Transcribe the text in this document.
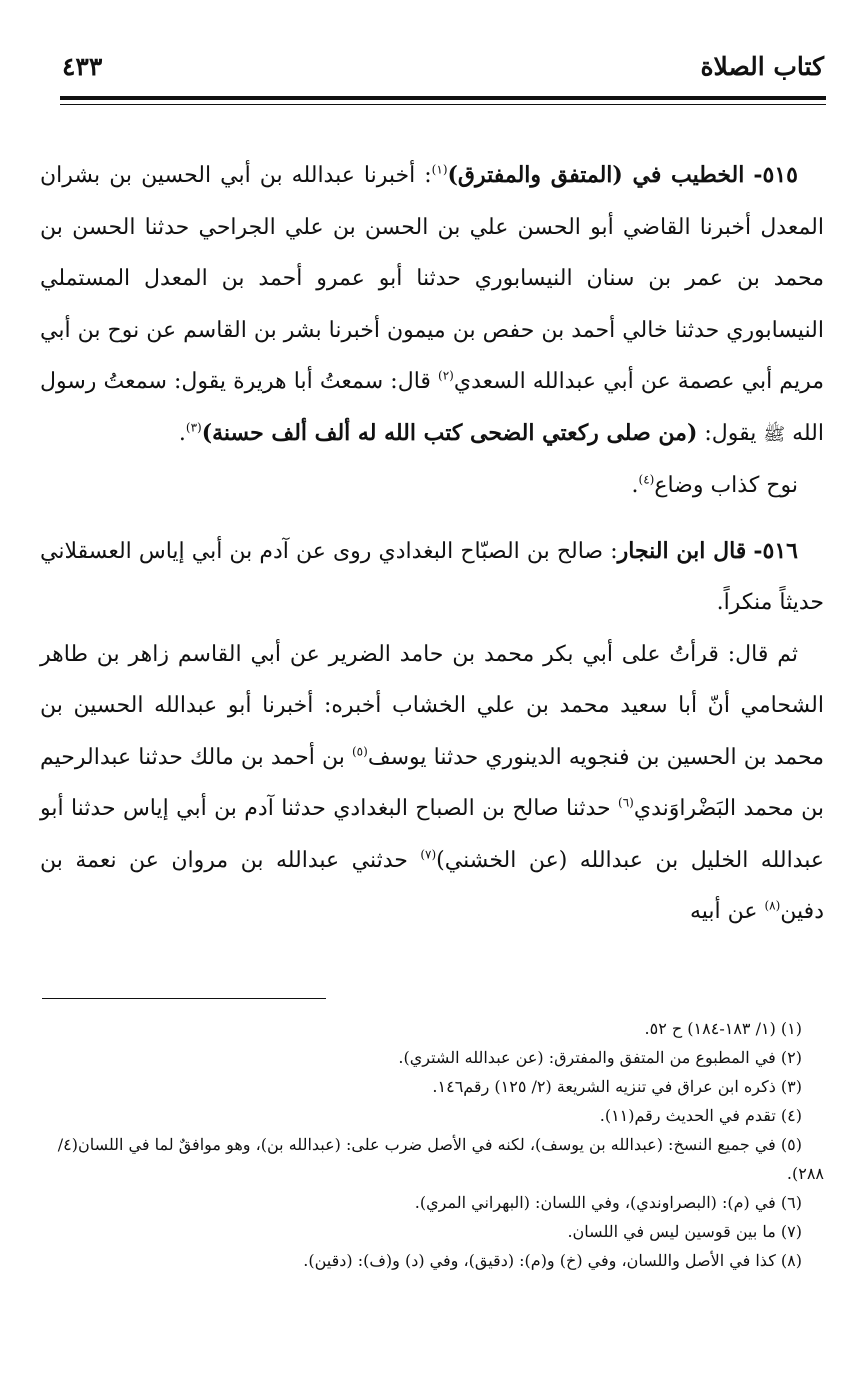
كتاب الصلاة
٤٣٣

٥١٥- الخطيب في (المتفق والمفترق)$^{(١)}$: أخبرنا عبدالله بن أبي الحسين بن بشران المعدل أخبرنا القاضي أبو الحسن علي بن الحسن بن علي الجراحي حدثنا الحسن بن محمد بن عمر بن سنان النيسابوري حدثنا أبو عمرو أحمد بن المعدل المستملي النيسابوري حدثنا خالي أحمد بن حفص بن ميمون أخبرنا بشر بن القاسم عن نوح بن أبي مريم أبي عصمة عن أبي عبدالله السعدي$^{(٢)}$ قال: سمعتُ أبا هريرة يقول: سمعتُ رسول الله ﷺ يقول: (من صلى ركعتي الضحى كتب الله له ألف ألف حسنة)$^{(٣)}$.

نوح كذاب وضاع$^{(٤)}$.

٥١٦- قال ابن النجار: صالح بن الصبّاح البغدادي روى عن آدم بن أبي إياس العسقلاني حديثاً منكراً.

ثم قال: قرأتُ على أبي بكر محمد بن حامد الضرير عن أبي القاسم زاهر بن طاهر الشحامي أنّ أبا سعيد محمد بن علي الخشاب أخبره: أخبرنا أبو عبدالله الحسين بن محمد بن الحسين بن فنجويه الدينوري حدثنا يوسف$^{(٥)}$ بن أحمد بن مالك حدثنا عبدالرحيم بن محمد البَضْراوَندي$^{(٦)}$ حدثنا صالح بن الصباح البغدادي حدثنا آدم بن أبي إياس حدثنا أبو عبدالله الخليل بن عبدالله (عن الخشني)$^{(٧)}$ حدثني عبدالله بن مروان عن نعمة بن دفين$^{(٨)}$ عن أبيه

(١) (١/ ١٨٣-١٨٤) ح ٥٢.

(٢) في المطبوع من المتفق والمفترق: (عن عبدالله الشتري).

(٣) ذكره ابن عراق في تنزيه الشريعة (٢/ ١٢٥) رقم١٤٦.

(٤) تقدم في الحديث رقم(١١).

(٥) في جميع النسخ: (عبدالله بن يوسف)، لكنه في الأصل ضرب على: (عبدالله بن)، وهو موافقٌ لما في اللسان(٤/ ٢٨٨).

(٦) في (م): (البصراوندي)، وفي اللسان: (البهراني المري).

(٧) ما بين قوسين ليس في اللسان.

(٨) كذا في الأصل واللسان، وفي (خ) و(م): (دقيق)، وفي (د) و(ف): (دقين).
